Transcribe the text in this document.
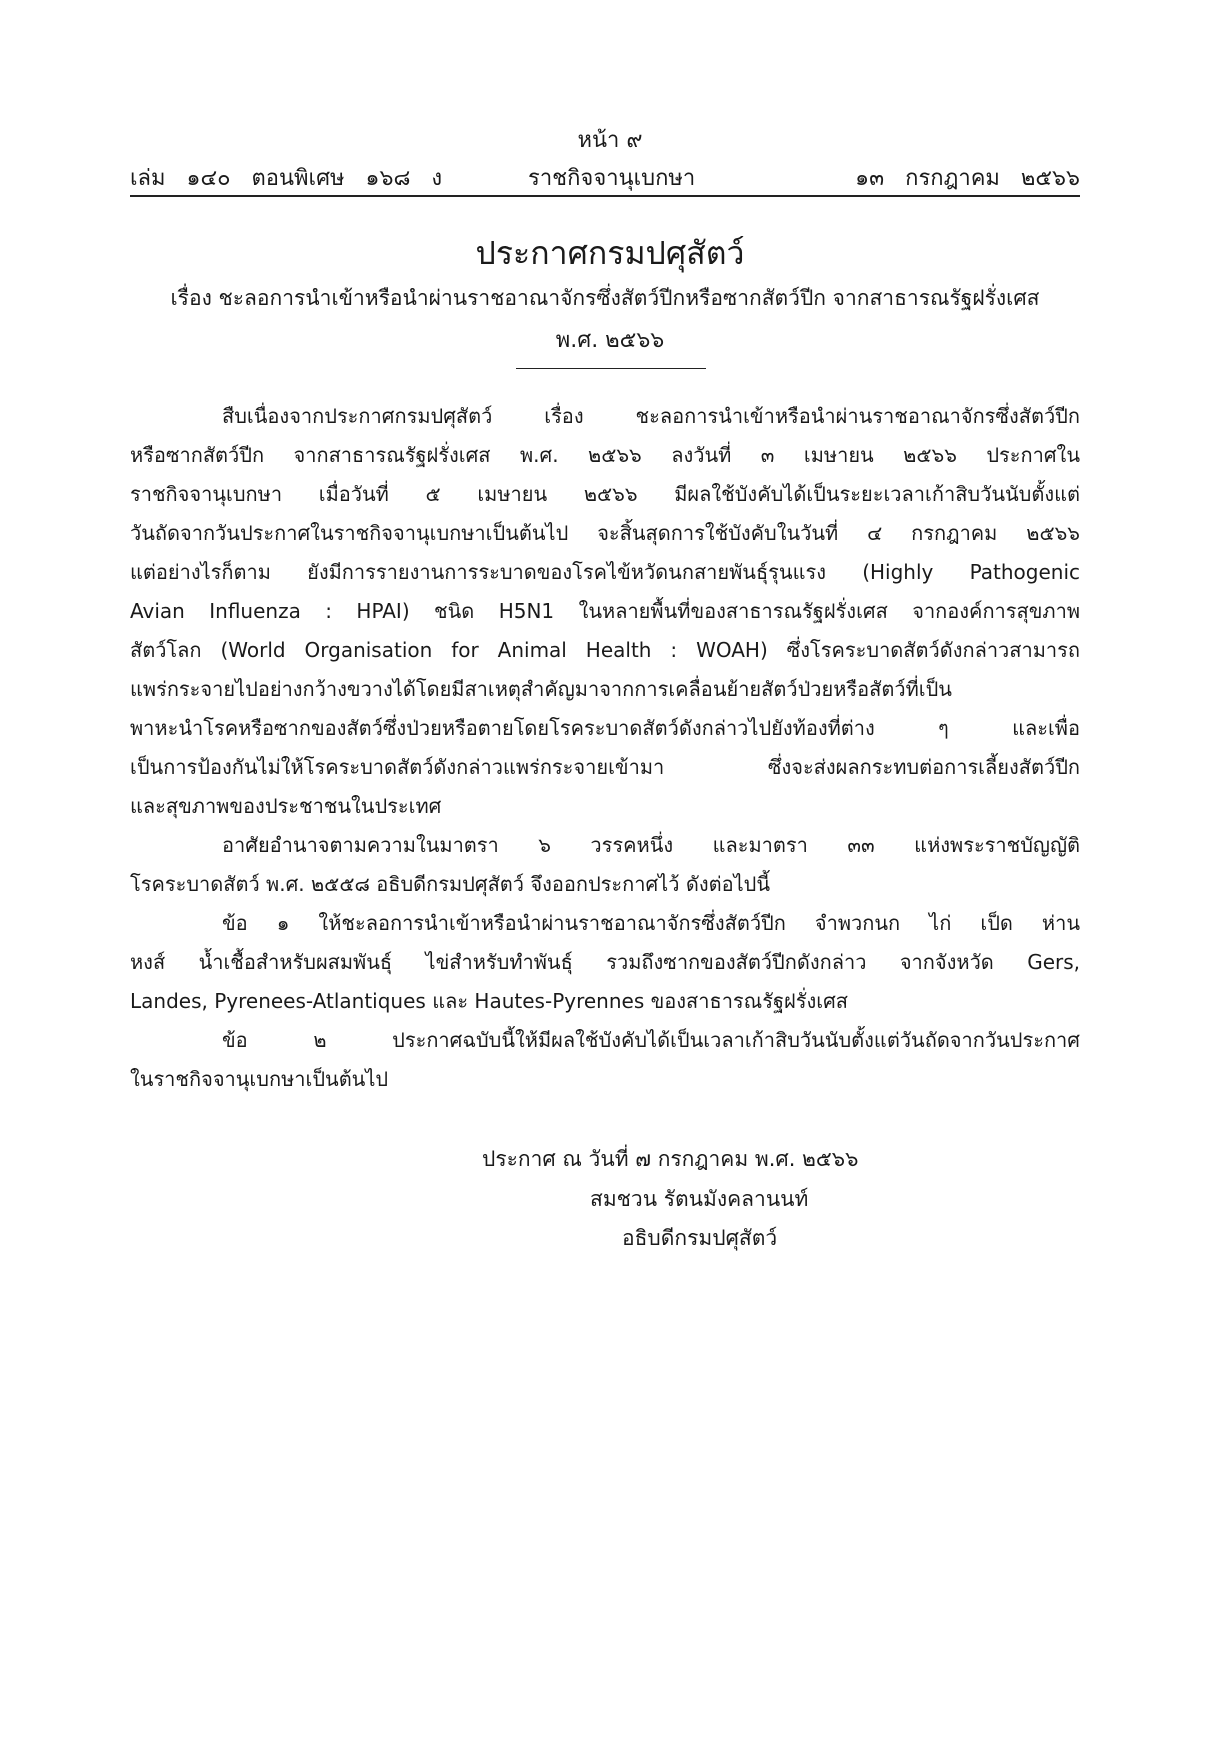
หน้า ๙
เล่ม   ๑๔๐   ตอนพิเศษ   ๑๖๘   ง	ราชกิจจานุเบกษา	๑๓   กรกฎาคม   ๒๕๖๖
ประกาศกรมปศุสัตว์
เรื่อง ชะลอการนำเข้าหรือนำผ่านราชอาณาจักรซึ่งสัตว์ปีกหรือซากสัตว์ปีก จากสาธารณรัฐฝรั่งเศส
พ.ศ. ๒๕๖๖
สืบเนื่องจากประกาศกรมปศุสัตว์ เรื่อง ชะลอการนำเข้าหรือนำผ่านราชอาณาจักรซึ่งสัตว์ปีก
หรือซากสัตว์ปีก จากสาธารณรัฐฝรั่งเศส พ.ศ. ๒๕๖๖ ลงวันที่ ๓ เมษายน ๒๕๖๖ ประกาศใน
ราชกิจจานุเบกษา เมื่อวันที่ ๕ เมษายน ๒๕๖๖ มีผลใช้บังคับได้เป็นระยะเวลาเก้าสิบวันนับตั้งแต่
วันถัดจากวันประกาศในราชกิจจานุเบกษาเป็นต้นไป จะสิ้นสุดการใช้บังคับในวันที่ ๔ กรกฎาคม ๒๕๖๖
แต่อย่างไรก็ตาม ยังมีการรายงานการระบาดของโรคไข้หวัดนกสายพันธุ์รุนแรง (Highly Pathogenic
Avian Influenza : HPAI) ชนิด H5N1 ในหลายพื้นที่ของสาธารณรัฐฝรั่งเศส จากองค์การสุขภาพ
สัตว์โลก (World Organisation for Animal Health : WOAH) ซึ่งโรคระบาดสัตว์ดังกล่าวสามารถ
แพร่กระจายไปอย่างกว้างขวางได้โดยมีสาเหตุสำคัญมาจากการเคลื่อนย้ายสัตว์ป่วยหรือสัตว์ที่เป็น
พาหะนำโรคหรือซากของสัตว์ซึ่งป่วยหรือตายโดยโรคระบาดสัตว์ดังกล่าวไปยังท้องที่ต่าง ๆ และเพื่อ
เป็นการป้องกันไม่ให้โรคระบาดสัตว์ดังกล่าวแพร่กระจายเข้ามา ซึ่งจะส่งผลกระทบต่อการเลี้ยงสัตว์ปีก
และสุขภาพของประชาชนในประเทศ
อาศัยอำนาจตามความในมาตรา ๖ วรรคหนึ่ง และมาตรา ๓๓ แห่งพระราชบัญญัติ
โรคระบาดสัตว์ พ.ศ. ๒๕๕๘ อธิบดีกรมปศุสัตว์ จึงออกประกาศไว้ ดังต่อไปนี้
ข้อ ๑ ให้ชะลอการนำเข้าหรือนำผ่านราชอาณาจักรซึ่งสัตว์ปีก จำพวกนก ไก่ เป็ด ห่าน
หงส์ น้ำเชื้อสำหรับผสมพันธุ์ ไข่สำหรับทำพันธุ์ รวมถึงซากของสัตว์ปีกดังกล่าว จากจังหวัด Gers,
Landes, Pyrenees-Atlantiques และ Hautes-Pyrennes ของสาธารณรัฐฝรั่งเศส
ข้อ ๒ ประกาศฉบับนี้ให้มีผลใช้บังคับได้เป็นเวลาเก้าสิบวันนับตั้งแต่วันถัดจากวันประกาศ
ในราชกิจจานุเบกษาเป็นต้นไป
ประกาศ ณ วันที่ ๗ กรกฎาคม พ.ศ. ๒๕๖๖
สมชวน รัตนมังคลานนท์
อธิบดีกรมปศุสัตว์
